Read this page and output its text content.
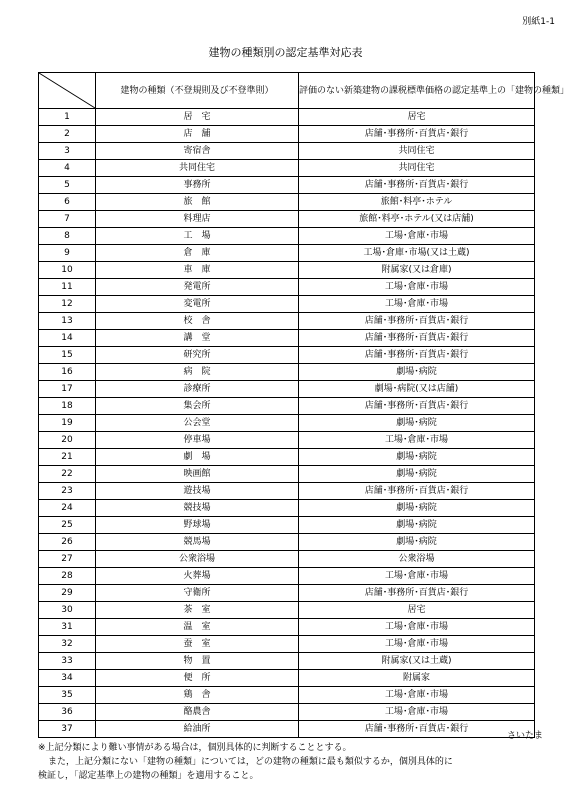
別紙1-1
建物の種類別の認定基準対応表
	建物の種類（不登規則及び不登準則）	評価のない新築建物の課税標準価格の認定基準上の「建物の種類」
1	居　宅	居宅
2	店　舗	店舗･事務所･百貨店･銀行
3	寄宿舎	共同住宅
4	共同住宅	共同住宅
5	事務所	店舗･事務所･百貨店･銀行
6	旅　館	旅館･料亭･ホテル
7	料理店	旅館･料亭･ホテル(又は店舗)
8	工　場	工場･倉庫･市場
9	倉　庫	工場･倉庫･市場(又は土蔵)
10	車　庫	附属家(又は倉庫)
11	発電所	工場･倉庫･市場
12	変電所	工場･倉庫･市場
13	校　舎	店舗･事務所･百貨店･銀行
14	講　堂	店舗･事務所･百貨店･銀行
15	研究所	店舗･事務所･百貨店･銀行
16	病　院	劇場･病院
17	診療所	劇場･病院(又は店舗)
18	集会所	店舗･事務所･百貨店･銀行
19	公会堂	劇場･病院
20	停車場	工場･倉庫･市場
21	劇　場	劇場･病院
22	映画館	劇場･病院
23	遊技場	店舗･事務所･百貨店･銀行
24	競技場	劇場･病院
25	野球場	劇場･病院
26	競馬場	劇場･病院
27	公衆浴場	公衆浴場
28	火葬場	工場･倉庫･市場
29	守衛所	店舗･事務所･百貨店･銀行
30	茶　室	居宅
31	温　室	工場･倉庫･市場
32	蚕　室	工場･倉庫･市場
33	物　置	附属家(又は土蔵)
34	便　所	附属家
35	鶏　舎	工場･倉庫･市場
36	酪農舎	工場･倉庫･市場
37	給油所	店舗･事務所･百貨店･銀行
さいたま
※上記分類により難い事情がある場合は，個別具体的に判断することとする。
また，上記分類にない「建物の種類」については，どの建物の種類に最も類似するか，個別具体的に
検証し，「認定基準上の建物の種類」を適用すること。
